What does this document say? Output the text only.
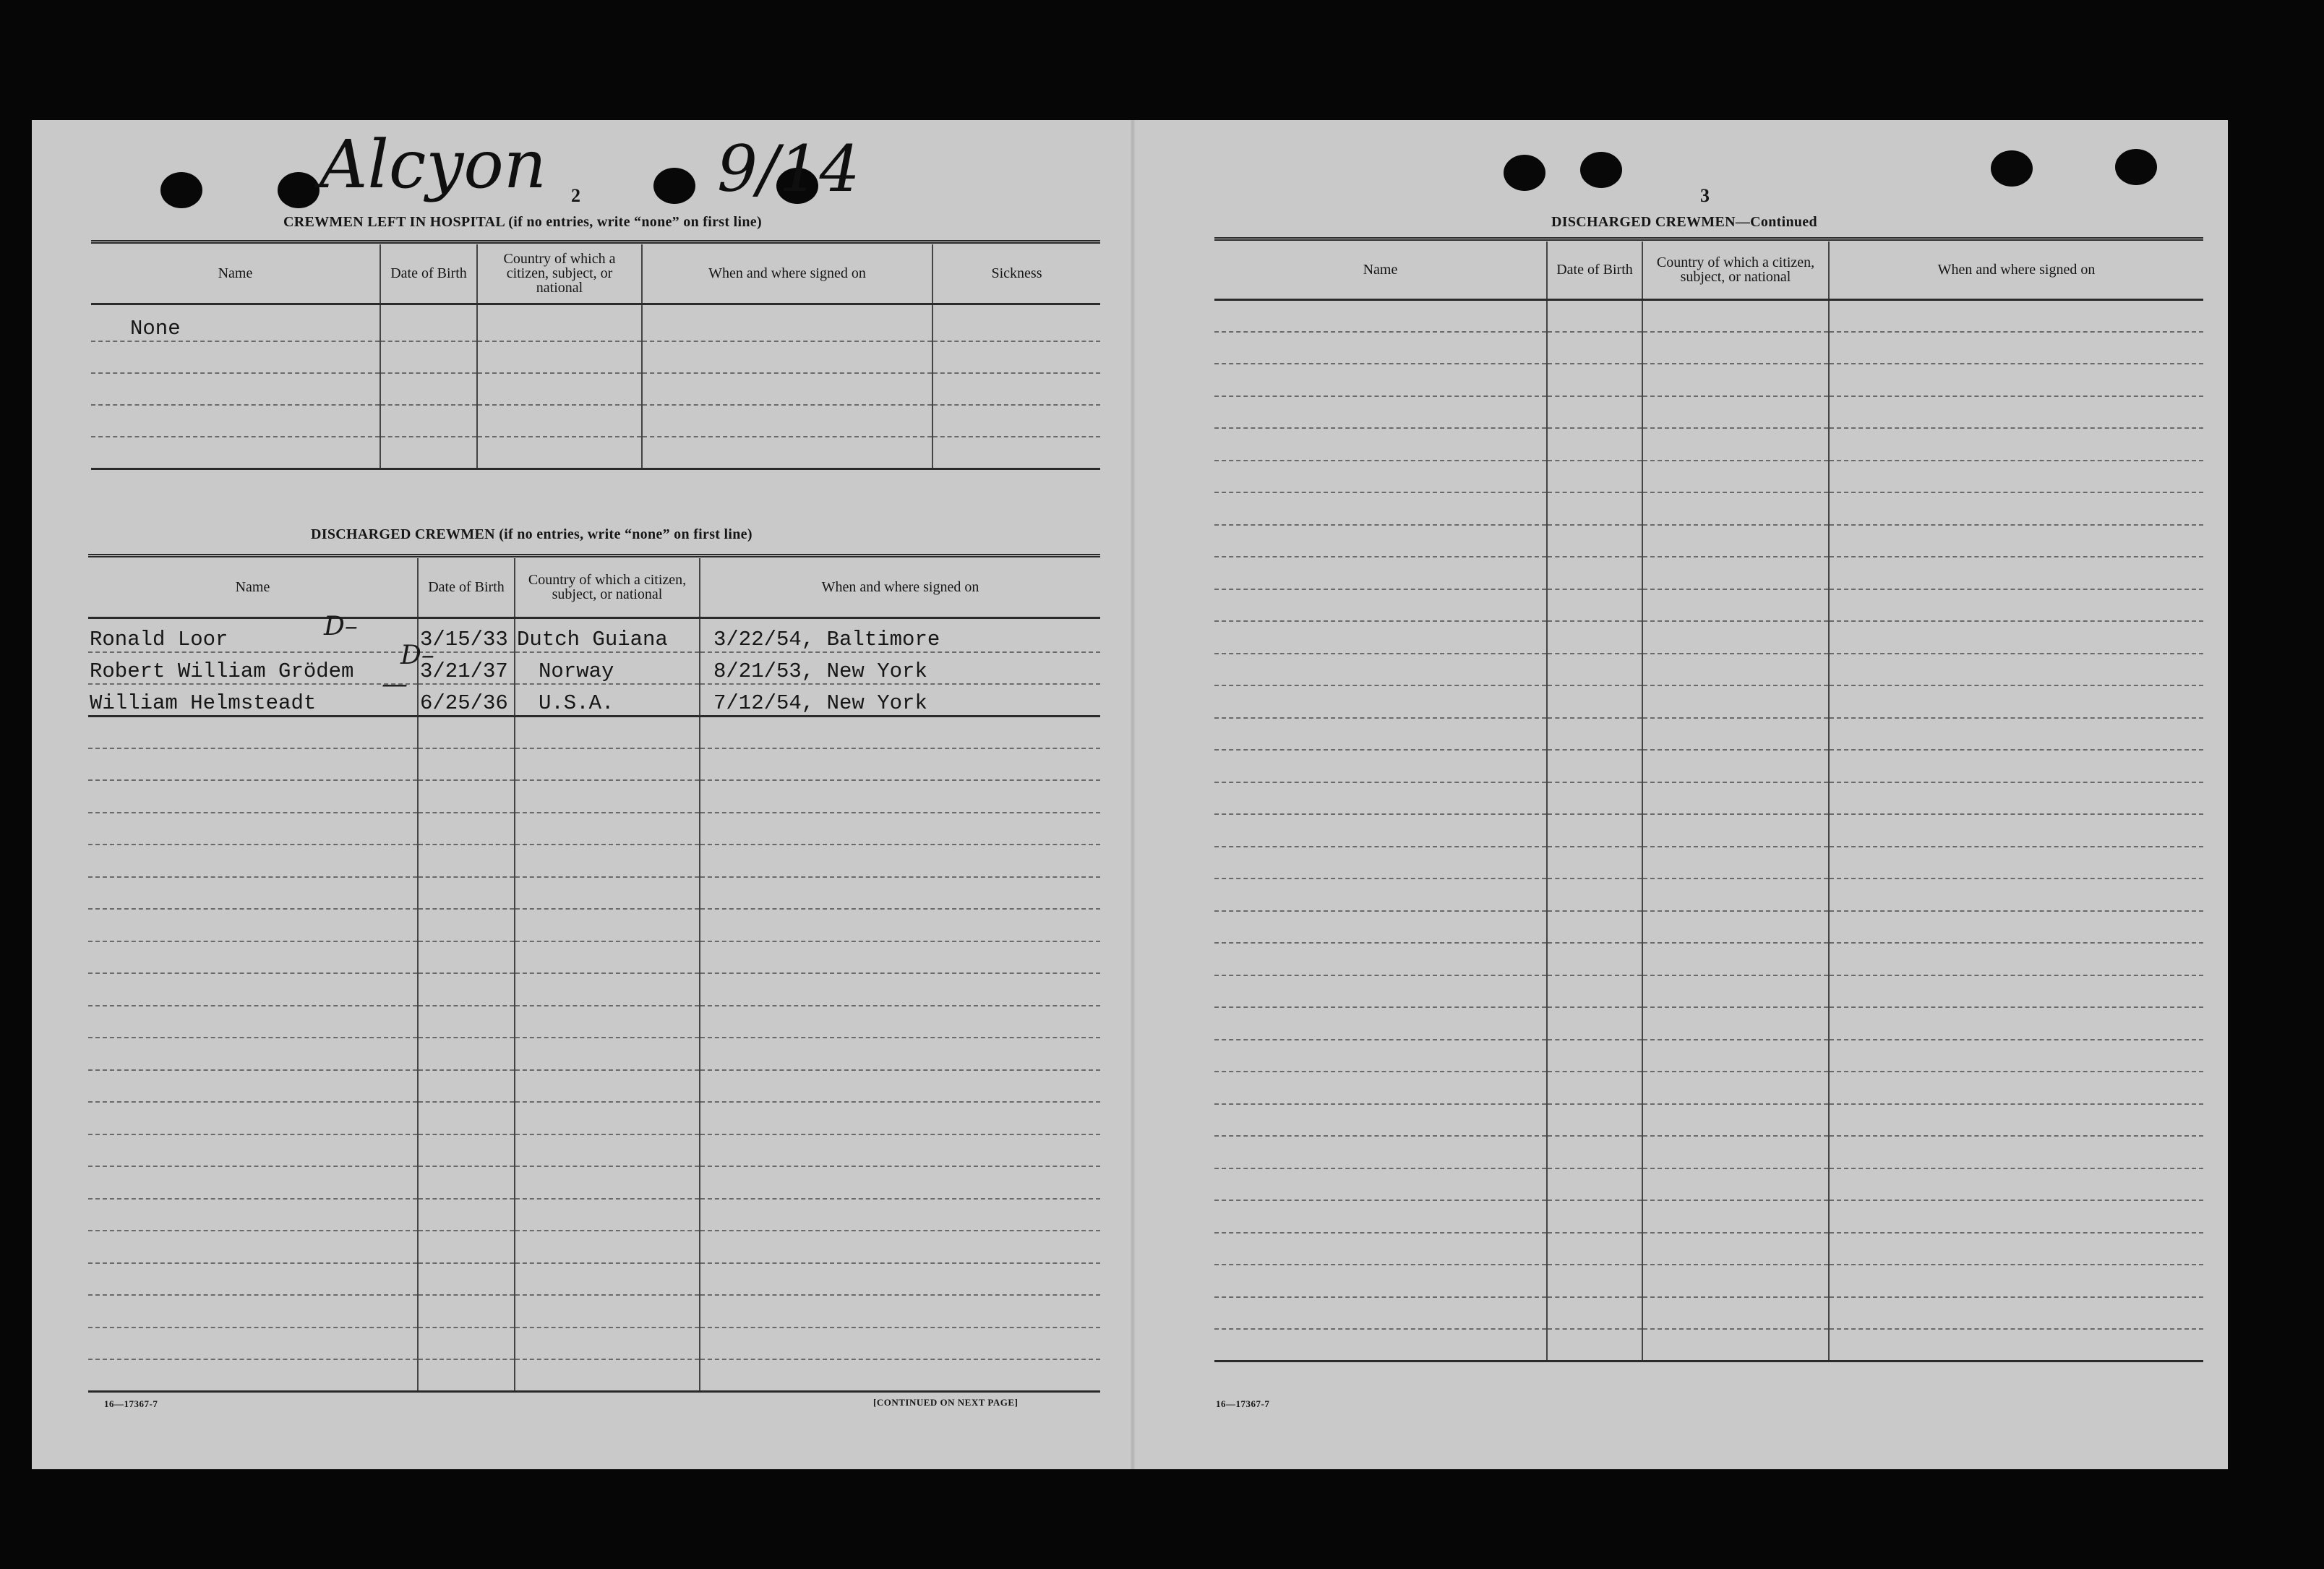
Alcyon	9/14
2
CREWMEN LEFT IN HOSPITAL (if no entries, write “none” on first line)
Name	Date of Birth	Country of which a citizen, subject, or national	When and where signed on	Sickness
None				

DISCHARGED CREWMEN (if no entries, write “none” on first line)
Name	Date of Birth	Country of which a citizen, subject, or national	When and where signed on
Ronald Loor	3/15/33	Dutch Guiana	3/22/54, Baltimore
Robert William Grödem	3/21/37	Norway	8/21/53, New York
William Helmsteadt	6/25/36	U.S.A.	7/12/54, New York

D–
D–
—
16—17367-7	[CONTINUED ON NEXT PAGE]
3
DISCHARGED CREWMEN—Continued
Name	Date of Birth	Country of which a citizen, subject, or national	When and where signed on

16—17367-7
